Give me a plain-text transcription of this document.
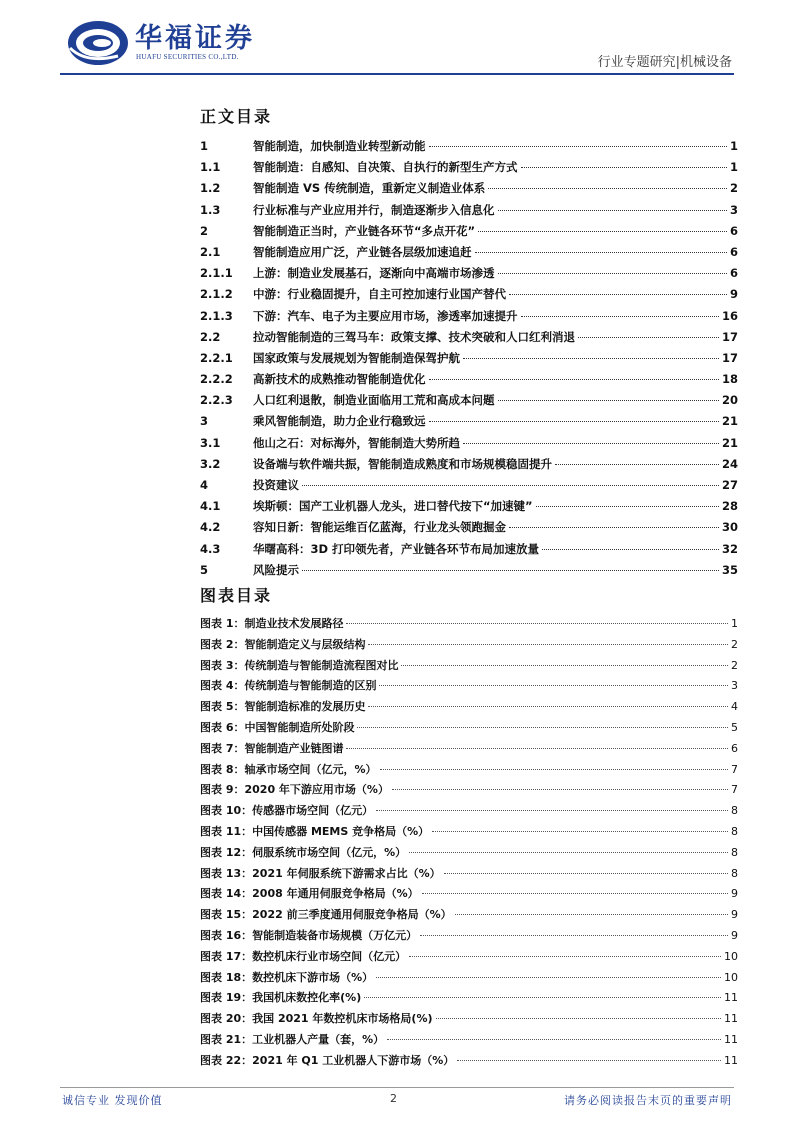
华福证券
HUAFU SECURITIES CO.,LTD.	行业专题研究|机械设备
正文目录
1	智能制造，加快制造业转型新动能	1
1.1	智能制造：自感知、自决策、自执行的新型生产方式	1
1.2	智能制造 VS 传统制造，重新定义制造业体系	2
1.3	行业标准与产业应用并行，制造逐渐步入信息化	3
2	智能制造正当时，产业链各环节“多点开花”	6
2.1	智能制造应用广泛，产业链各层级加速追赶	6
2.1.1	上游：制造业发展基石，逐渐向中高端市场渗透	6
2.1.2	中游：行业稳固提升，自主可控加速行业国产替代	9
2.1.3	下游：汽车、电子为主要应用市场，渗透率加速提升	16
2.2	拉动智能制造的三驾马车：政策支撑、技术突破和人口红利消退	17
2.2.1	国家政策与发展规划为智能制造保驾护航	17
2.2.2	高新技术的成熟推动智能制造优化	18
2.2.3	人口红利退散，制造业面临用工荒和高成本问题	20
3	乘风智能制造，助力企业行稳致远	21
3.1	他山之石：对标海外，智能制造大势所趋	21
3.2	设备端与软件端共振，智能制造成熟度和市场规模稳固提升	24
4	投资建议	27
4.1	埃斯顿：国产工业机器人龙头，进口替代按下“加速键”	28
4.2	容知日新：智能运维百亿蓝海，行业龙头领跑掘金	30
4.3	华曙高科：3D 打印领先者，产业链各环节布局加速放量	32
5	风险提示	35
图表目录
图表 1： 制造业技术发展路径	1
图表 2： 智能制造定义与层级结构	2
图表 3： 传统制造与智能制造流程图对比	2
图表 4： 传统制造与智能制造的区别	3
图表 5： 智能制造标准的发展历史	4
图表 6： 中国智能制造所处阶段	5
图表 7： 智能制造产业链图谱	6
图表 8： 轴承市场空间（亿元，%）	7
图表 9： 2020 年下游应用市场（%）	7
图表 10： 传感器市场空间（亿元）	8
图表 11： 中国传感器 MEMS 竞争格局（%）	8
图表 12： 伺服系统市场空间（亿元，%）	8
图表 13： 2021 年伺服系统下游需求占比（%）	8
图表 14： 2008 年通用伺服竞争格局（%）	9
图表 15： 2022 前三季度通用伺服竞争格局（%）	9
图表 16： 智能制造装备市场规模（万亿元）	9
图表 17： 数控机床行业市场空间（亿元）	10
图表 18： 数控机床下游市场（%）	10
图表 19： 我国机床数控化率(%)	11
图表 20： 我国 2021 年数控机床市场格局(%)	11
图表 21： 工业机器人产量（套，%）	11
图表 22： 2021 年 Q1 工业机器人下游市场（%）	11
诚信专业 发现价值	2	请务必阅读报告末页的重要声明
